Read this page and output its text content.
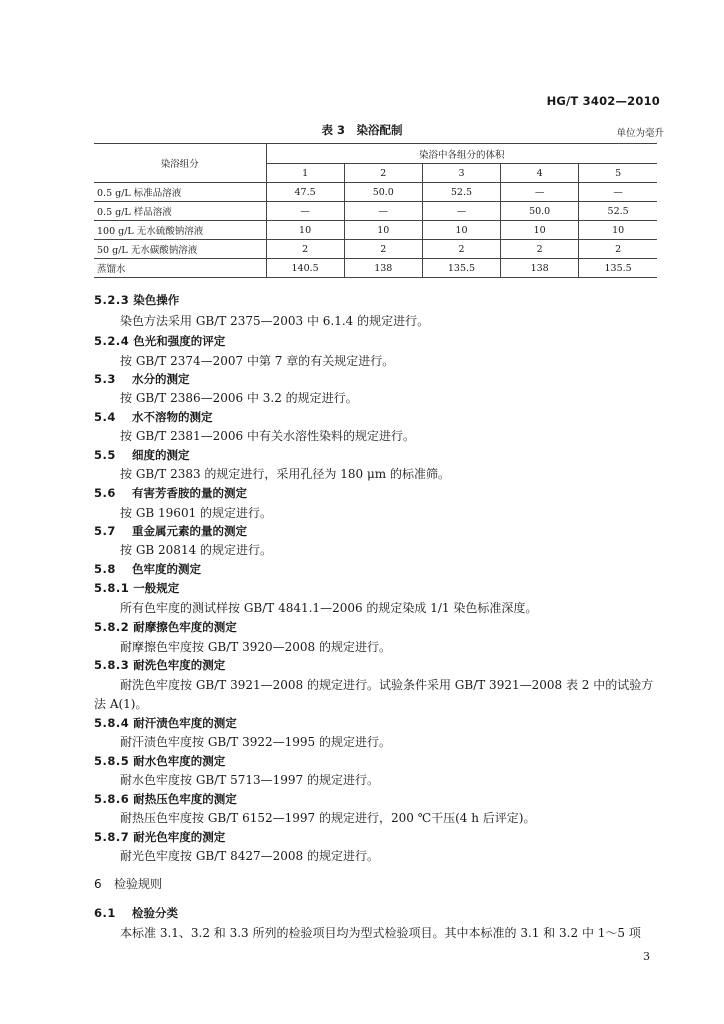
HG/T 3402—2010
表 3　染浴配制	单位为毫升
染浴组分	染浴中各组分的体积				
	1	2	3	4	5
0.5 g/L 标准品溶液	47.5	50.0	52.5	—	—
0.5 g/L 样品溶液	—	—	—	50.0	52.5
100 g/L 无水硫酸钠溶液	10	10	10	10	10
50 g/L 无水碳酸钠溶液	2	2	2	2	2
蒸馏水	140.5	138	135.5	138	135.5
5.2.3 染色操作
染色方法采用 GB/T 2375—2003 中 6.1.4 的规定进行。
5.2.4 色光和强度的评定
按 GB/T 2374—2007 中第 7 章的有关规定进行。
5.3 水分的测定
按 GB/T 2386—2006 中 3.2 的规定进行。
5.4 水不溶物的测定
按 GB/T 2381—2006 中有关水溶性染料的规定进行。
5.5 细度的测定
按 GB/T 2383 的规定进行，采用孔径为 180 μm 的标准筛。
5.6 有害芳香胺的量的测定
按 GB 19601 的规定进行。
5.7 重金属元素的量的测定
按 GB 20814 的规定进行。
5.8 色牢度的测定
5.8.1 一般规定
所有色牢度的测试样按 GB/T 4841.1—2006 的规定染成 1/1 染色标准深度。
5.8.2 耐摩擦色牢度的测定
耐摩擦色牢度按 GB/T 3920—2008 的规定进行。
5.8.3 耐洗色牢度的测定
耐洗色牢度按 GB/T 3921—2008 的规定进行。试验条件采用 GB/T 3921—2008 表 2 中的试验方
法 A(1)。
5.8.4 耐汗渍色牢度的测定
耐汗渍色牢度按 GB/T 3922—1995 的规定进行。
5.8.5 耐水色牢度的测定
耐水色牢度按 GB/T 5713—1997 的规定进行。
5.8.6 耐热压色牢度的测定
耐热压色牢度按 GB/T 6152—1997 的规定进行，200 ℃干压(4 h 后评定)。
5.8.7 耐光色牢度的测定
耐光色牢度按 GB/T 8427—2008 的规定进行。
6 检验规则
6.1 检验分类
本标准 3.1、3.2 和 3.3 所列的检验项目均为型式检验项目。其中本标准的 3.1 和 3.2 中 1～5 项
3
